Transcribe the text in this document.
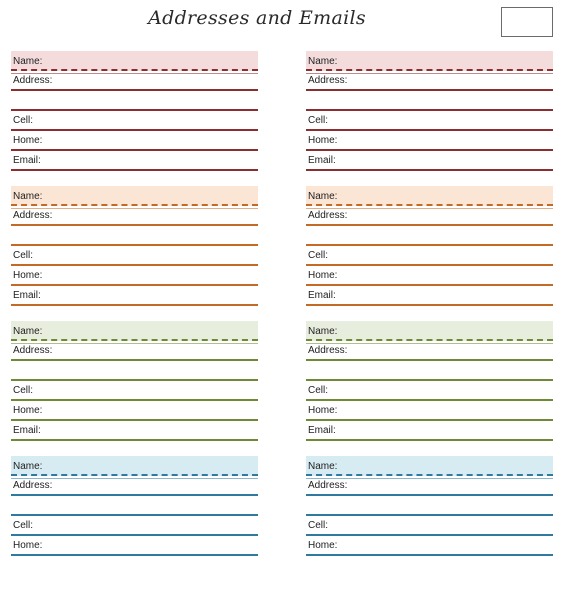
Addresses and Emails
Name:
Address:
Cell:
Home:
Email:
Name:
Address:
Cell:
Home:
Email:
Name:
Address:
Cell:
Home:
Email:
Name:
Address:
Cell:
Home:
Name:
Address:
Cell:
Home:
Email:
Name:
Address:
Cell:
Home:
Email:
Name:
Address:
Cell:
Home:
Email:
Name:
Address:
Cell:
Home:
